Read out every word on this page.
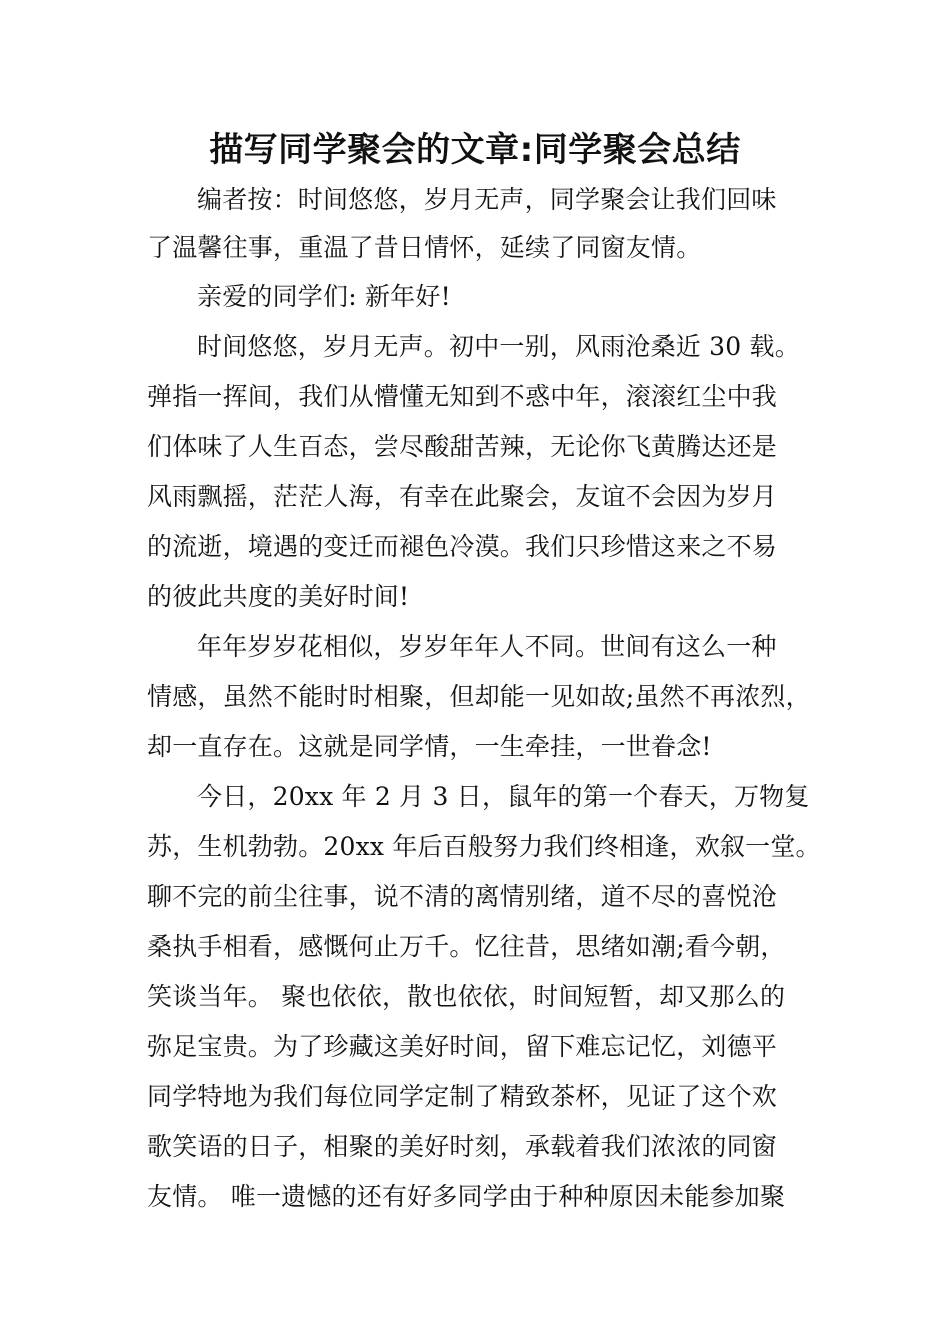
描写同学聚会的文章:同学聚会总结
编者按：时间悠悠，岁月无声，同学聚会让我们回味
了温馨往事，重温了昔日情怀，延续了同窗友情。
亲爱的同学们: 新年好!
时间悠悠，岁月无声。初中一别，风雨沧桑近 30 载。
弹指一挥间，我们从懵懂无知到不惑中年，滚滚红尘中我
们体味了人生百态，尝尽酸甜苦辣，无论你飞黄腾达还是
风雨飘摇，茫茫人海，有幸在此聚会，友谊不会因为岁月
的流逝，境遇的变迁而褪色冷漠。我们只珍惜这来之不易
的彼此共度的美好时间!
年年岁岁花相似，岁岁年年人不同。世间有这么一种
情感，虽然不能时时相聚，但却能一见如故;虽然不再浓烈，
却一直存在。这就是同学情，一生牵挂，一世眷念!
今日，20xx 年 2 月 3 日，鼠年的第一个春天，万物复
苏，生机勃勃。20xx 年后百般努力我们终相逢，欢叙一堂。
聊不完的前尘往事，说不清的离情别绪，道不尽的喜悦沧
桑执手相看，感慨何止万千。忆往昔，思绪如潮;看今朝，
笑谈当年。 聚也依依，散也依依，时间短暂，却又那么的
弥足宝贵。为了珍藏这美好时间，留下难忘记忆，刘德平
同学特地为我们每位同学定制了精致茶杯，见证了这个欢
歌笑语的日子，相聚的美好时刻，承载着我们浓浓的同窗
友情。 唯一遗憾的还有好多同学由于种种原因未能参加聚
